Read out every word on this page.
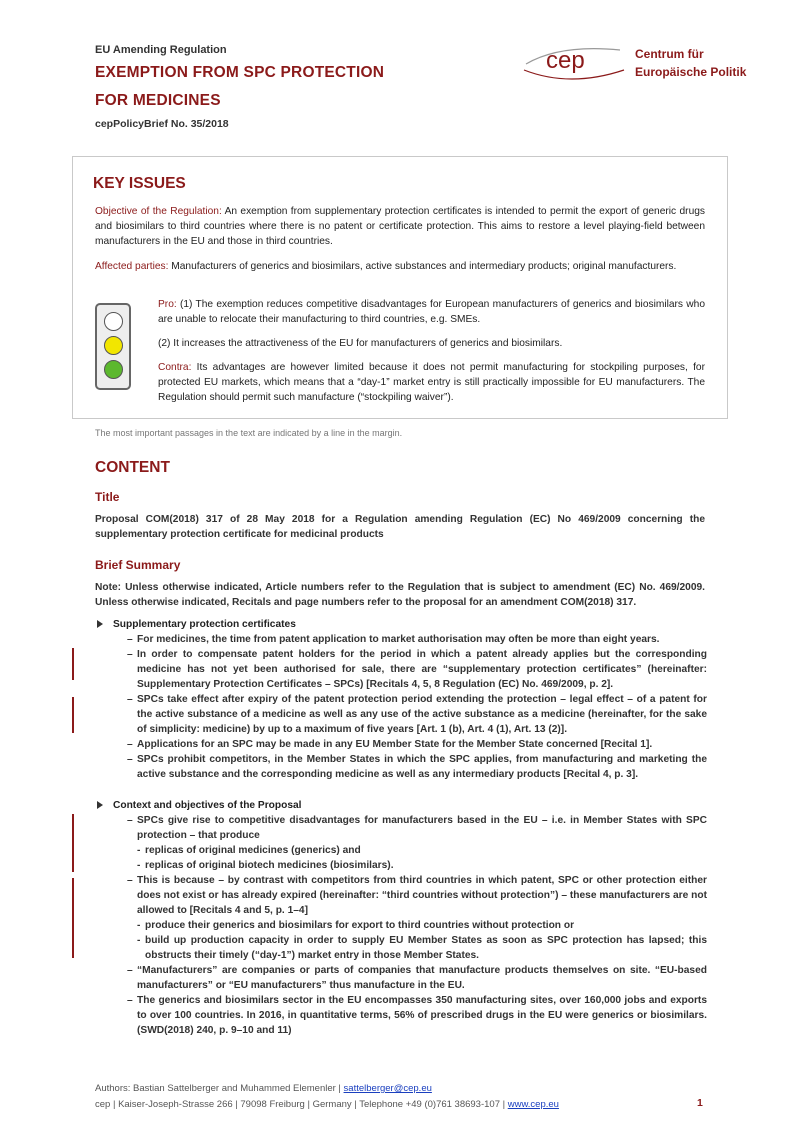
EU Amending Regulation
EXEMPTION FROM SPC PROTECTION
FOR MEDICINES
cepPolicyBrief No. 35/2018
cep	Centrum für
Europäische Politik
KEY ISSUES

Objective of the Regulation: An exemption from supplementary protection certificates is intended to permit the export of generic drugs and biosimilars to third countries where there is no patent or certificate protection. This aims to restore a level playing-field between manufacturers in the EU and those in third countries.

Affected parties: Manufacturers of generics and biosimilars, active substances and intermediary products; original manufacturers.

Pro: (1) The exemption reduces competitive disadvantages for European manufacturers of generics and biosimilars who are unable to relocate their manufacturing to third countries, e.g. SMEs.

(2) It increases the attractiveness of the EU for manufacturers of generics and biosimilars.

Contra: Its advantages are however limited because it does not permit manufacturing for stockpiling purposes, for protected EU markets, which means that a “day-1” market entry is still practically impossible for EU manufacturers. The Regulation should permit such manufacture (“stockpiling waiver”).

The most important passages in the text are indicated by a line in the margin.
CONTENT
Title

Proposal COM(2018) 317 of 28 May 2018 for a Regulation amending Regulation (EC) No 469/2009 concerning the supplementary protection certificate for medicinal products

Brief Summary

Note: Unless otherwise indicated, Article numbers refer to the Regulation that is subject to amendment (EC) No. 469/2009. Unless otherwise indicated, Recitals and page numbers refer to the proposal for an amendment COM(2018) 317.

Supplementary protection certificates
– For medicines, the time from patent application to market authorisation may often be more than eight years.
– In order to compensate patent holders for the period in which a patent already applies but the corresponding medicine has not yet been authorised for sale, there are “supplementary protection certificates” (hereinafter: Supplementary Protection Certificates – SPCs) [Recitals 4, 5, 8 Regulation (EC) No. 469/2009, p. 2].
– SPCs take effect after expiry of the patent protection period extending the protection – legal effect – of a patent for the active substance of a medicine as well as any use of the active substance as a medicine (hereinafter, for the sake of simplicity: medicine) by up to a maximum of five years [Art. 1 (b), Art. 4 (1), Art. 13 (2)].
– Applications for an SPC may be made in any EU Member State for the Member State concerned [Recital 1].
– SPCs prohibit competitors, in the Member States in which the SPC applies, from manufacturing and marketing the active substance and the corresponding medicine as well as any intermediary products [Recital 4, p. 3].
Context and objectives of the Proposal
– SPCs give rise to competitive disadvantages for manufacturers based in the EU – i.e. in Member States with SPC protection – that produce
- replicas of original medicines (generics) and
- replicas of original biotech medicines (biosimilars).
– This is because – by contrast with competitors from third countries in which patent, SPC or other protection either does not exist or has already expired (hereinafter: “third countries without protection”) – these manufacturers are not allowed to [Recitals 4 and 5, p. 1–4]
- produce their generics and biosimilars for export to third countries without protection or
- build up production capacity in order to supply EU Member States as soon as SPC protection has lapsed; this obstructs their timely (“day-1”) market entry in those Member States.
– “Manufacturers” are companies or parts of companies that manufacture products themselves on site. “EU-based manufacturers” or “EU manufacturers” thus manufacture in the EU.
– The generics and biosimilars sector in the EU encompasses 350 manufacturing sites, over 160,000 jobs and exports to over 100 countries. In 2016, in quantitative terms, 56% of prescribed drugs in the EU were generics or biosimilars. (SWD(2018) 240, p. 9–10 and 11)
Authors: Bastian Sattelberger and Muhammed Elemenler | sattelberger@cep.eu
cep | Kaiser-Joseph-Strasse 266 | 79098 Freiburg | Germany | Telephone +49 (0)761 38693-107 | www.cep.eu	1
